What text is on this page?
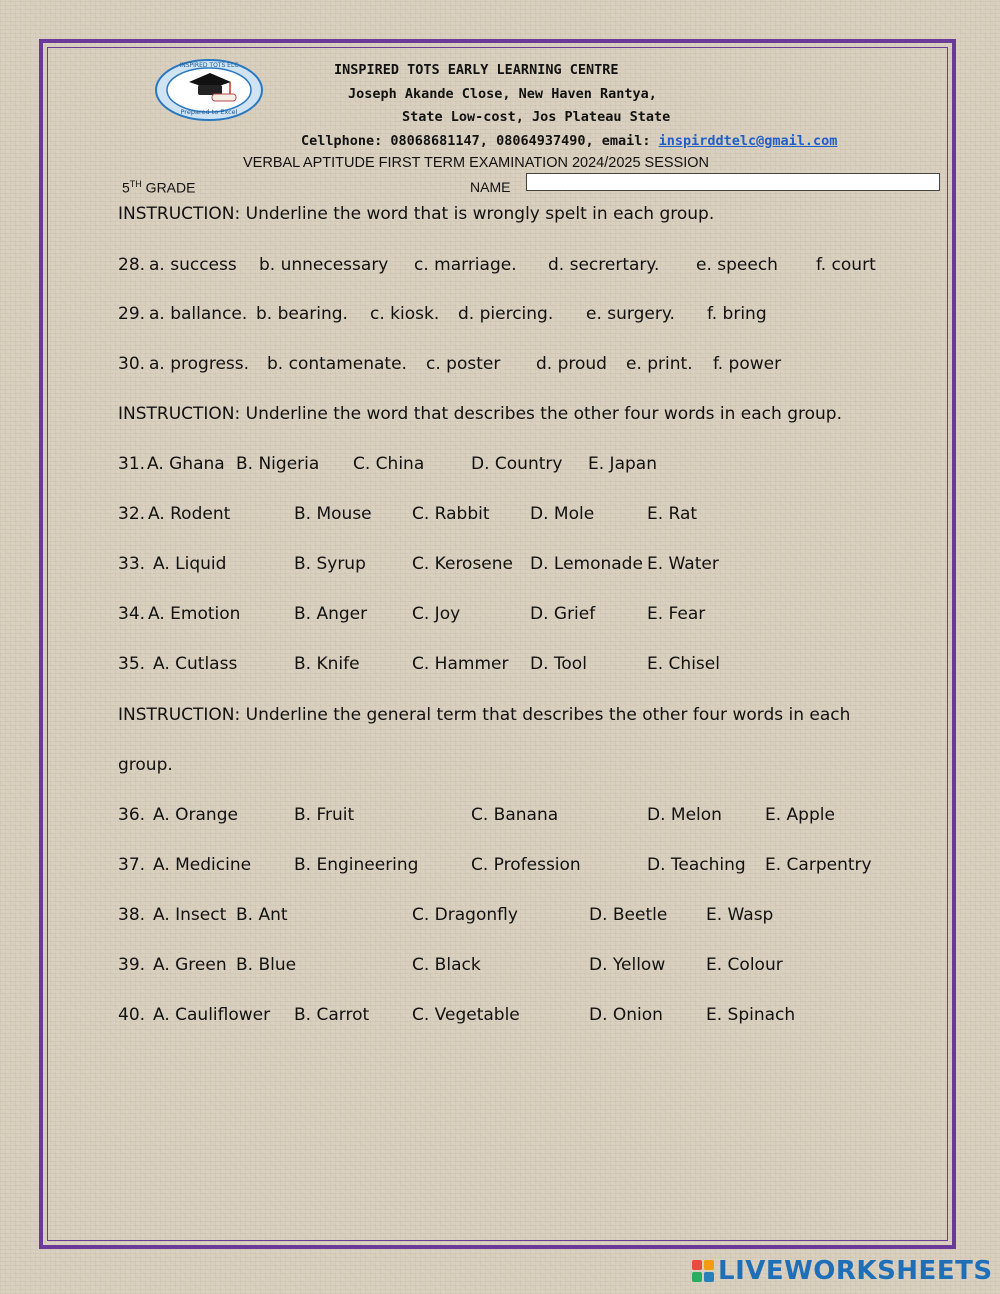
INSPIRED TOTS ELC
Prepared to Excel
INSPIRED TOTS EARLY LEARNING CENTRE
Joseph Akande Close, New Haven Rantya,
State Low-cost, Jos Plateau State
Cellphone: 08068681147, 08064937490, email: inspirddtelc@gmail.com
VERBAL APTITUDE FIRST TERM EXAMINATION 2024/2025 SESSION
5TH GRADE	NAME
INSTRUCTION: Underline the word that is wrongly spelt in each group.
INSTRUCTION: Underline the word that describes the other four words in each group.
INSTRUCTION: Underline the general term that describes the other four words in each
group.
28. a. success b. unnecessary c. marriage. d. secrertary. e. speech f. court
29. a. ballance. b. bearing. c. kiosk. d. piercing. e. surgery. f. bring
30. a. progress. b. contamenate. c. poster d. proud e. print. f. power
31. A. Ghana B. Nigeria C. China	D. Country E. Japan
32. A. Rodent	B. Mouse C. Rabbit D. Mole	E. Rat
33. A. Liquid	B. Syrup	C. Kerosene D. Lemonade E. Water
34. A. Emotion	B. Anger	C. Joy	D. Grief	E. Fear
35. A. Cutlass	B. Knife	C. Hammer D. Tool	E. Chisel
36. A. Orange	B. Fruit	C. Banana	D. Melon	E. Apple
37. A. Medicine	B. Engineering	C. Profession	D. Teaching E. Carpentry
38. A. Insect B. Ant	C. Dragonfly	D. Beetle E. Wasp
39. A. Green B. Blue	C. Black	D. Yellow E. Colour
40. A. Cauliflower B. Carrot	C. Vegetable	D. Onion	E. Spinach
LIVEWORKSHEETS
